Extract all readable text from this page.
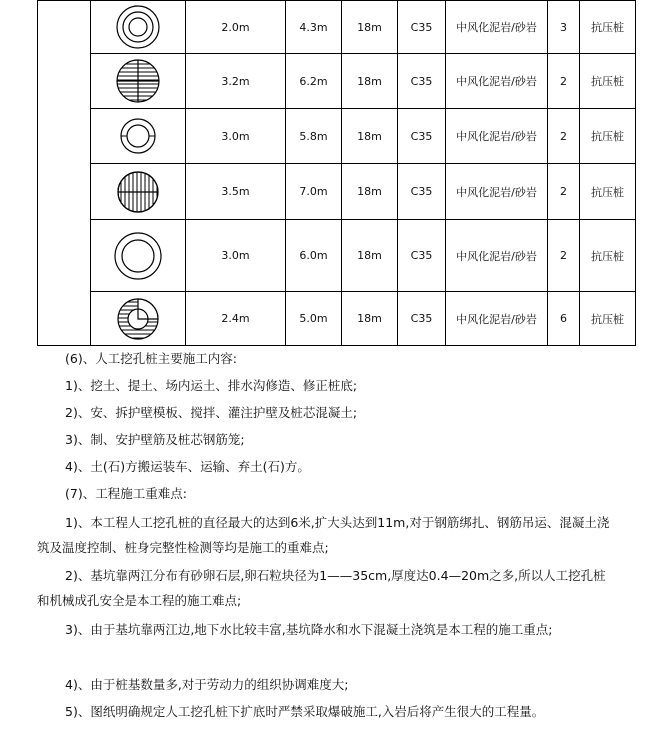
	2.0m	4.3m	18m	C35	中风化泥岩/砂岩	3	抗压桩

	3.2m	6.2m	18m	C35	中风化泥岩/砂岩	2	抗压桩

	3.0m	5.8m	18m	C35	中风化泥岩/砂岩	2	抗压桩

	3.5m	7.0m	18m	C35	中风化泥岩/砂岩	2	抗压桩

	3.0m	6.0m	18m	C35	中风化泥岩/砂岩	2	抗压桩

	2.4m	5.0m	18m	C35	中风化泥岩/砂岩	6	抗压桩

(6)、人工挖孔桩主要施工内容:

1)、挖土、提土、场内运土、排水沟修造、修正桩底;

2)、安、拆护壁模板、搅拌、灌注护壁及桩芯混凝土;

3)、制、安护壁筋及桩芯钢筋笼;

4)、土(石)方搬运装车、运输、弃土(石)方。

(7)、工程施工重难点:

1)、本工程人工挖孔桩的直径最大的达到6米,扩大头达到11m,对于钢筋绑扎、钢筋吊运、混凝土浇筑及温度控制、桩身完整性检测等均是施工的重难点;

2)、基坑靠两江分布有砂卵石层,卵石粒块径为1——35cm,厚度达0.4—20m之多,所以人工挖孔桩和机械成孔安全是本工程的施工难点;

3)、由于基坑靠两江边,地下水比较丰富,基坑降水和水下混凝土浇筑是本工程的施工重点;

4)、由于桩基数量多,对于劳动力的组织协调难度大;

5)、图纸明确规定人工挖孔桩下扩底时严禁采取爆破施工,入岩后将产生很大的工程量。
